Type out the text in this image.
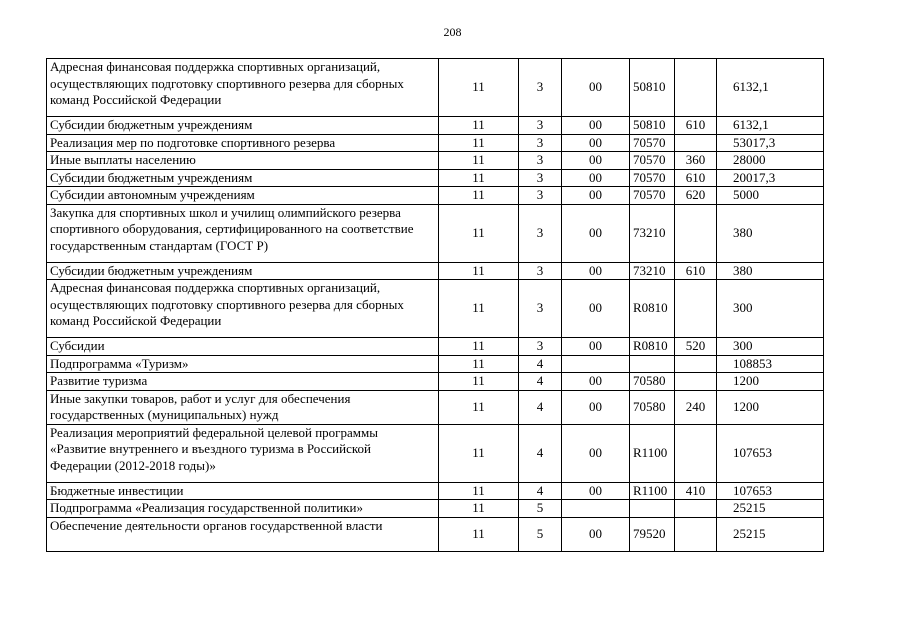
208
Адресная финансовая поддержка спортивных организаций, осуществляющих подготовку спортивного резерва для сборных команд Российской Федерации	11	3	00	50810		6132,1
Субсидии бюджетным учреждениям	11	3	00	50810	610	6132,1
Реализация мер по подготовке спортивного резерва	11	3	00	70570		53017,3
Иные выплаты населению	11	3	00	70570	360	28000
Субсидии бюджетным учреждениям	11	3	00	70570	610	20017,3
Субсидии автономным учреждениям	11	3	00	70570	620	5000
Закупка для спортивных школ и училищ олимпийского резерва спортивного оборудования, сертифицированного на соответствие государственным стандартам (ГОСТ Р)	11	3	00	73210		380
Субсидии бюджетным учреждениям	11	3	00	73210	610	380
Адресная финансовая поддержка спортивных организаций, осуществляющих подготовку спортивного резерва для сборных команд Российской Федерации	11	3	00	R0810		300
Субсидии	11	3	00	R0810	520	300
Подпрограмма «Туризм»	11	4				108853
Развитие туризма	11	4	00	70580		1200
Иные закупки товаров, работ и услуг для обеспечения государственных (муниципальных) нужд	11	4	00	70580	240	1200
Реализация мероприятий федеральной целевой программы «Развитие внутреннего и въездного туризма в Российской Федерации (2012-2018 годы)»	11	4	00	R1100		107653
Бюджетные инвестиции	11	4	00	R1100	410	107653
Подпрограмма «Реализация государственной политики»	11	5				25215
Обеспечение деятельности органов государственной власти	11	5	00	79520		25215
